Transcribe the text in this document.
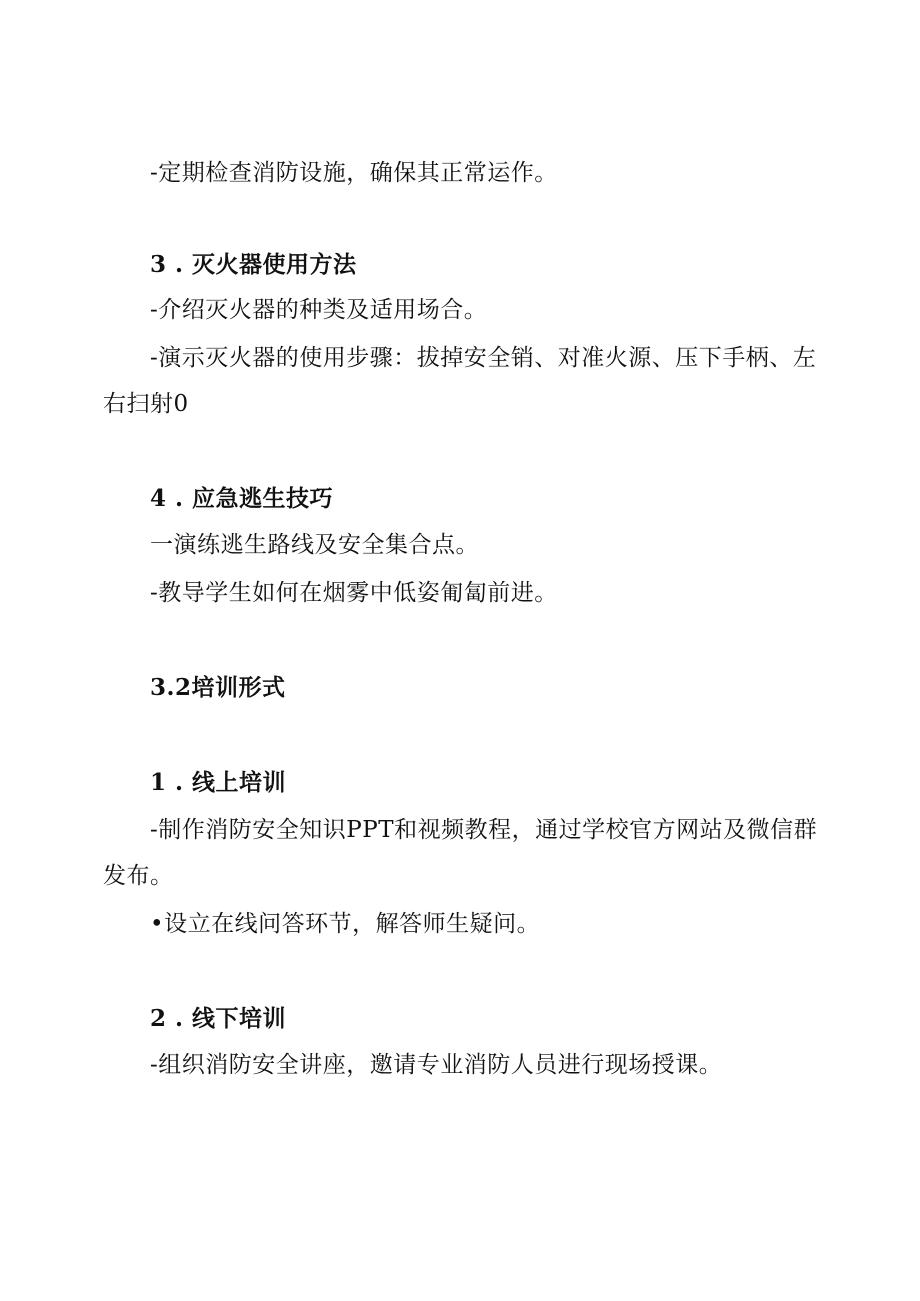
-定期检查消防设施，确保其正常运作。

3 . 灭火器使用方法

-介绍灭火器的种类及适用场合。

-演示灭火器的使用步骤：拔掉安全销、对准火源、压下手柄、左

右扫射0

4 . 应急逃生技巧

一演练逃生路线及安全集合点。

-教导学生如何在烟雾中低姿匍匐前进。

3.2培训形式

1 . 线上培训

-制作消防安全知识PPT和视频教程，通过学校官方网站及微信群

发布。

•设立在线问答环节，解答师生疑问。

2 . 线下培训

-组织消防安全讲座，邀请专业消防人员进行现场授课。
